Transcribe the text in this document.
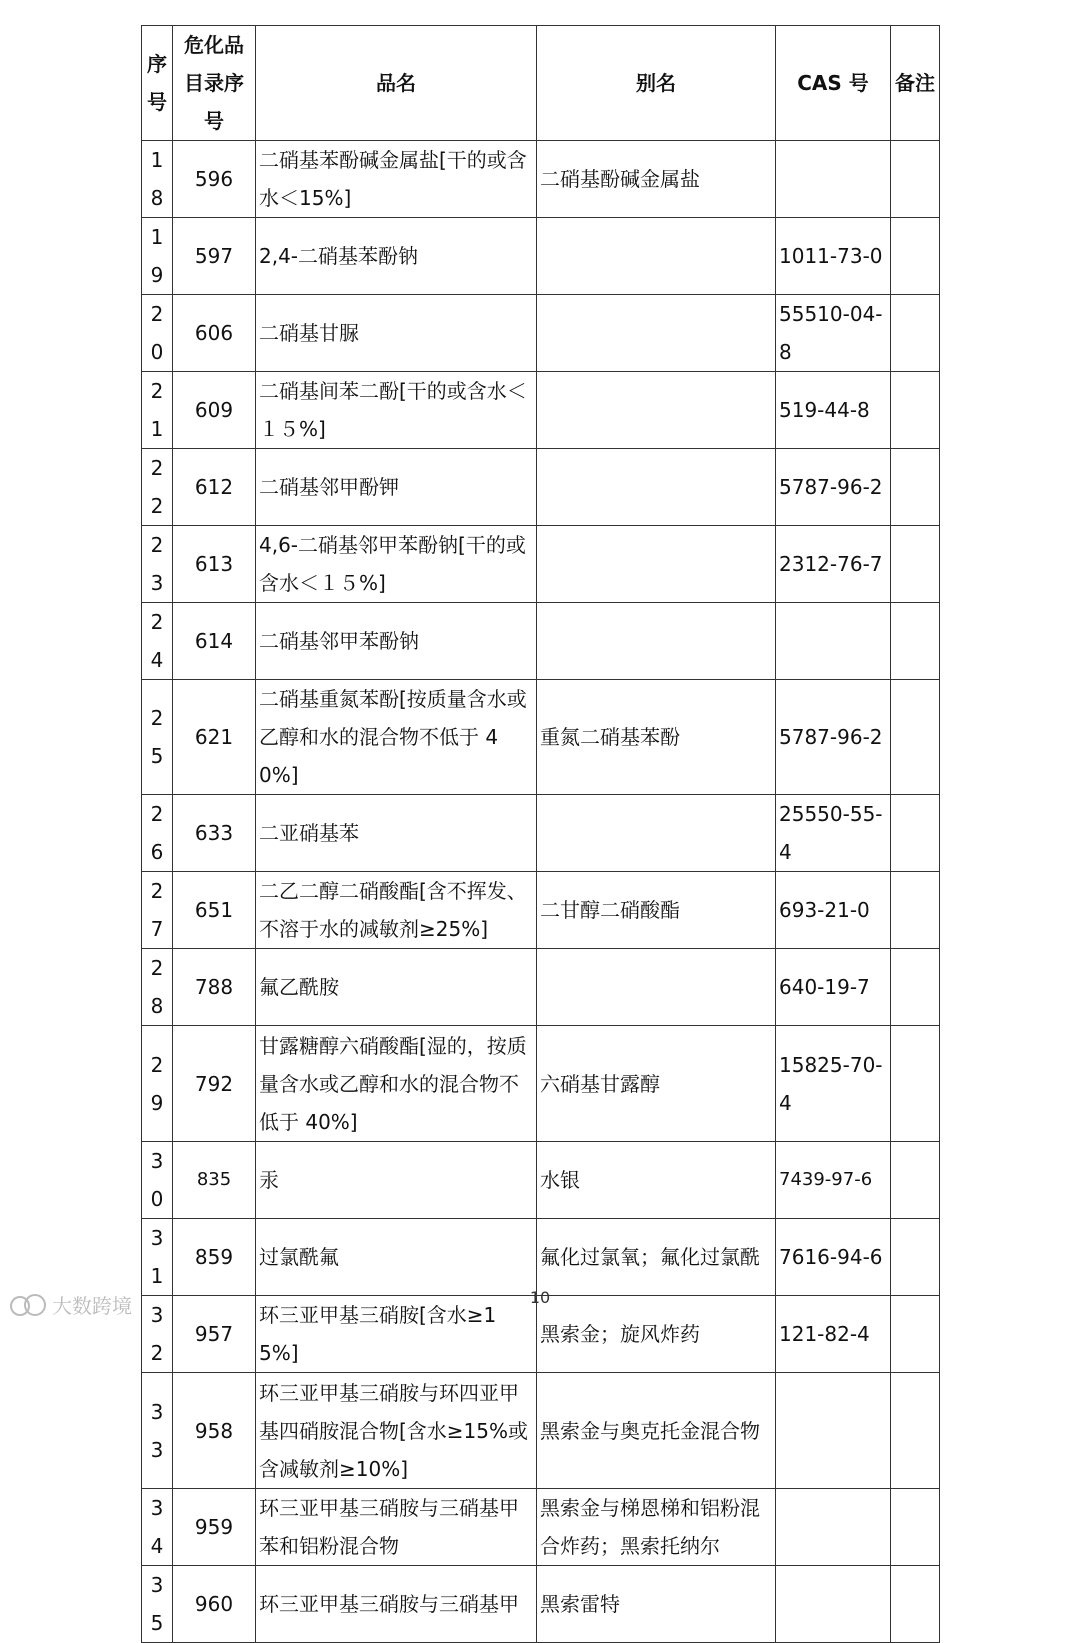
序号	危化品目录序号	品名	别名	CAS 号	备注
18	596	二硝基苯酚碱金属盐[干的或含水＜15%]	二硝基酚碱金属盐		
19	597	2,4-二硝基苯酚钠		1011-73-0	
20	606	二硝基甘脲		55510-04-8	
21	609	二硝基间苯二酚[干的或含水＜１５%]		519-44-8	
22	612	二硝基邻甲酚钾		5787-96-2	
23	613	4,6-二硝基邻甲苯酚钠[干的或含水＜１５%]		2312-76-7	
24	614	二硝基邻甲苯酚钠			
25	621	二硝基重氮苯酚[按质量含水或乙醇和水的混合物不低于 40%]	重氮二硝基苯酚	5787-96-2	
26	633	二亚硝基苯		25550-55-4	
27	651	二乙二醇二硝酸酯[含不挥发、不溶于水的减敏剂≥25%]	二甘醇二硝酸酯	693-21-0	
28	788	氟乙酰胺		640-19-7	
29	792	甘露糖醇六硝酸酯[湿的，按质量含水或乙醇和水的混合物不低于 40%]	六硝基甘露醇	15825-70-4	
30	835	汞	水银	7439-97-6	
31	859	过氯酰氟	氟化过氯氧；氟化过氯酰	7616-94-6	
32	957	环三亚甲基三硝胺[含水≥15%]	黑索金；旋风炸药	121-82-4	
33	958	环三亚甲基三硝胺与环四亚甲基四硝胺混合物[含水≥15%或含减敏剂≥10%]	黑索金与奥克托金混合物		
34	959	环三亚甲基三硝胺与三硝基甲苯和铝粉混合物	黑索金与梯恩梯和铝粉混合炸药；黑索托纳尔		
35	960	环三亚甲基三硝胺与三硝基甲	黑索雷特		
大数跨境	10
